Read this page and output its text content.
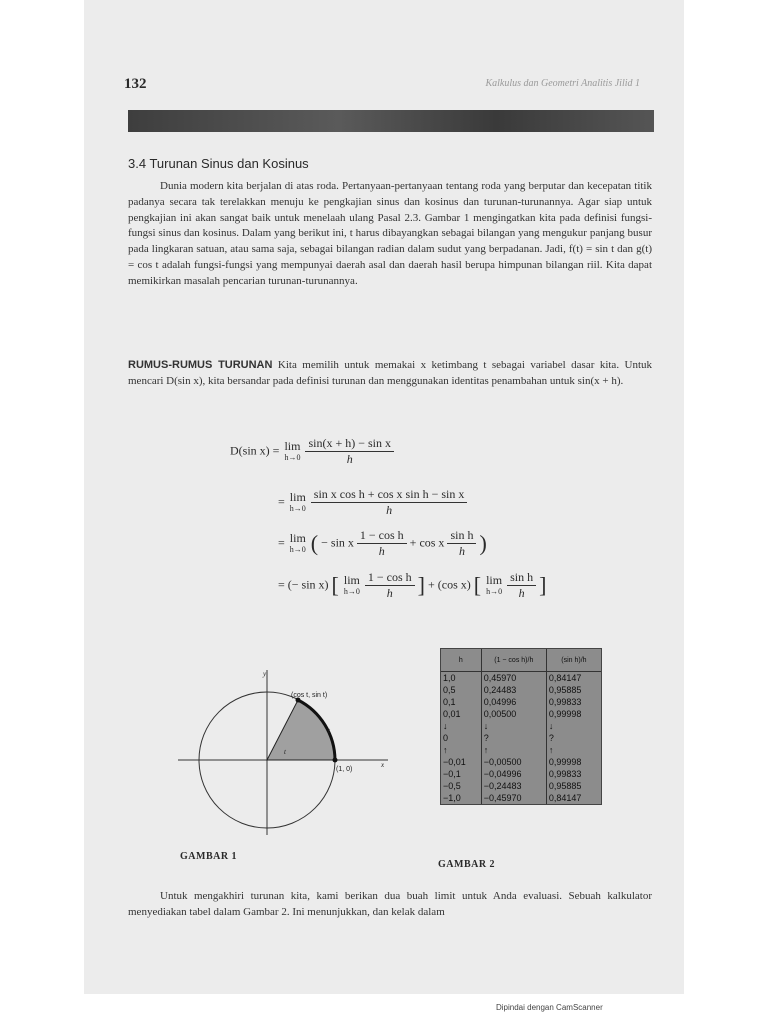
132	Kalkulus dan Geometri Analitis Jilid 1
3.4 Turunan Sinus dan Kosinus

Dunia modern kita berjalan di atas roda. Pertanyaan-pertanyaan tentang roda yang berputar dan kecepatan titik padanya secara tak terelakkan menuju ke pengkajian sinus dan kosinus dan turunan-turunannya. Agar siap untuk pengkajian ini akan sangat baik untuk menelaah ulang Pasal 2.3. Gambar 1 mengingatkan kita pada definisi fungsi-fungsi sinus dan kosinus. Dalam yang berikut ini, t harus dibayangkan sebagai bilangan yang mengukur panjang busur pada lingkaran satuan, atau sama saja, sebagai bilangan radian dalam sudut yang berpadanan. Jadi, f(t) = sin t dan g(t) = cos t adalah fungsi-fungsi yang mempunyai daerah asal dan daerah hasil berupa himpunan bilangan riil. Kita dapat memikirkan masalah pencarian turunan-turunannya.

RUMUS-RUMUS TURUNAN Kita memilih untuk memakai x ketimbang t sebagai variabel dasar kita. Untuk mencari D(sin x), kita bersandar pada definisi turunan dan menggunakan identitas penambahan untuk sin(x + h).

D(sin x) = lim
h→0
$\frac{\text{sin(x + h) − sin x}}{h}$
= lim
h→0
$\frac{\text{sin x cos h + cos x sin h − sin x}}{h}$
= lim
h→0 ( − sin x $\frac{\text{1 − cos h}}{h} + \cos x \frac{\text{sin h}}{h}$ )
= (− sin x) [ lim
h→0
$\frac{\text{1 − cos h}}{h}$ ] + (cos x) [ lim
h→0
$\frac{\text{sin h}}{h}$ ]
(cos t, sin t)
(1, 0)
x
y
t
t
GAMBAR 1
h	(1 − cos h)/h	(sin h)/h
1,0	0,45970	0,84147
0,5	0,24483	0,95885
0,1	0,04996	0,99833
0,01	0,00500	0,99998
↓	↓	↓
0	?	?
↑	↑	↑
−0,01	−0,00500	0,99998
−0,1	−0,04996	0,99833
−0,5	−0,24483	0,95885
−1,0	−0,45970	0,84147
GAMBAR 2

Untuk mengakhiri turunan kita, kami berikan dua buah limit untuk Anda evaluasi. Sebuah kalkulator menyediakan tabel dalam Gambar 2. Ini menunjukkan, dan kelak dalam

Dipindai dengan CamScanner
